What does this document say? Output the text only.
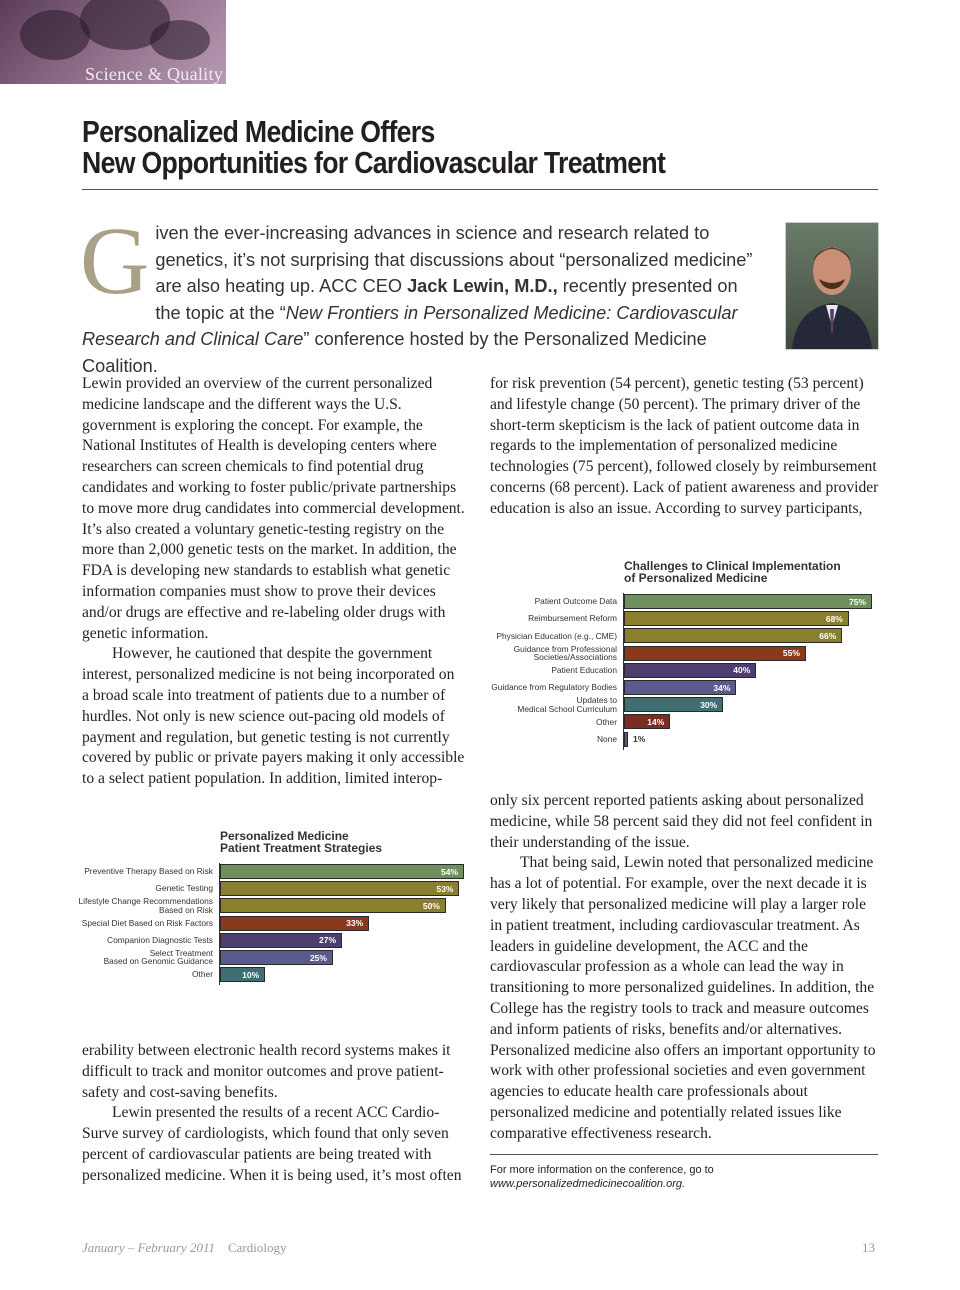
Science & Quality
Personalized Medicine Offers
New Opportunities for Cardiovascular Treatment
Given the ever-increasing advances in science and research related to genetics, it’s not surprising that discussions about “personalized medicine” are also heating up. ACC CEO Jack Lewin, M.D., recently presented on the topic at the “New Frontiers in Personalized Medicine: Cardiovascular Research and Clinical Care” conference hosted by the Personalized Medicine Coalition.

Lewin provided an overview of the current personalized medicine landscape and the different ways the U.S. government is exploring the concept. For example, the National Institutes of Health is developing centers where researchers can screen chemicals to find potential drug candidates and working to foster public/private partnerships to move more drug candidates into commercial development. It’s also created a voluntary genetic-testing registry on the more than 2,000 genetic tests on the market. In addition, the FDA is developing new standards to establish what genetic information companies must show to prove their devices and/or drugs are effective and re-labeling older drugs with genetic information.

However, he cautioned that despite the government interest, personalized medicine is not being incorporated on a broad scale into treatment of patients due to a number of hurdles. Not only is new science out-pacing old models of payment and regulation, but genetic testing is not currently covered by public or private payers making it only accessible to a select patient population. In addition, limited interop-

for risk prevention (54 percent), genetic testing (53 percent) and lifestyle change (50 percent). The primary driver of the short-term skepticism is the lack of patient outcome data in regards to the implementation of personalized medicine technologies (75 percent), followed closely by reimbursement concerns (68 percent). Lack of patient awareness and provider education is also an issue. According to survey participants,

Challenges to Clinical Implementation
of Personalized Medicine
Patient Outcome Data	75%
Reimbursement Reform	68%
Physician Education (e.g., CME)	66%
Guidance from Professional
Societies/Associations	55%
Patient Education	40%
Guidance from Regulatory Bodies	34%
Updates to
Medical School Curriculum	30%
Other	14%
None 1%
Personalized Medicine
Patient Treatment Strategies
Preventive Therapy Based on Risk	54%
Genetic Testing	53%
Lifestyle Change Recommendations
Based on Risk	50%
Special Diet Based on Risk Factors	33%
Companion Diagnostic Tests	27%
Select Treatment
Based on Genomic Guidance	25%
Other	10%

erability between electronic health record systems makes it difficult to track and monitor outcomes and prove patient-safety and cost-saving benefits.

Lewin presented the results of a recent ACC Cardio-Surve survey of cardiologists, which found that only seven percent of cardiovascular patients are being treated with personalized medicine. When it is being used, it’s most often

only six percent reported patients asking about personalized medicine, while 58 percent said they did not feel confident in their understanding of the issue.

That being said, Lewin noted that personalized medicine has a lot of potential. For example, over the next decade it is very likely that personalized medicine will play a larger role in patient treatment, including cardiovascular treatment. As leaders in guideline development, the ACC and the cardiovascular profession as a whole can lead the way in transitioning to more personalized guidelines. In addition, the College has the registry tools to track and measure outcomes and inform patients of risks, benefits and/or alternatives. Personalized medicine also offers an important opportunity to work with other professional societies and even government agencies to educate health care professionals about personalized medicine and potentially related issues like comparative effectiveness research.

For more information on the conference, go to
www.personalizedmedicinecoalition.org.
January – February 2011 Cardiology	13
